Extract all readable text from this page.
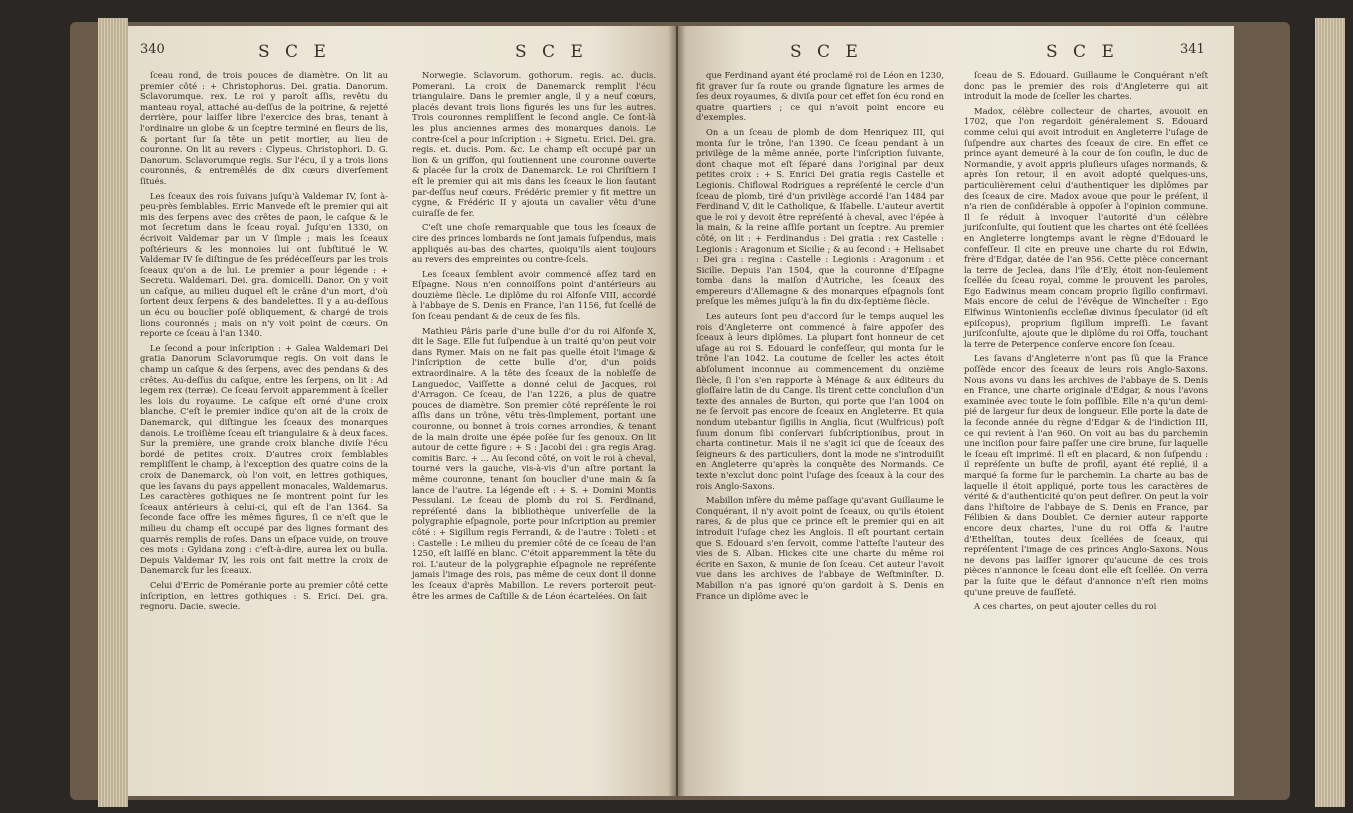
340	S C E	S C E	S C E	S C E	341

ſceau rond, de trois pouces de diamètre. On lit au premier côté : + Christophorus. Dei. gratia. Danorum. Sclavorumque. rex. Le roi y paroît aſſis, revêtu du manteau royal, attaché au-deſſus de la poitrine, & rejetté derrière, pour laiſſer libre l'exercice des bras, tenant à l'ordinaire un globe & un ſceptre terminé en fleurs de lis, & portant ſur ſa tête un petit mortier, au lieu de couronne. On lit au revers : Clypeus. Christophori. D. G. Danorum. Sclavorumque regis. Sur l'écu, il y a trois lions couronnés, & entremêlés de dix cœurs diverſement ſitués.

Les ſceaux des rois ſuivans juſqu'à Valdemar IV, ſont à-peu-près ſemblables. Erric Manvede eſt le premier qui ait mis des ſerpens avec des crêtes de paon, le caſque & le mot ſecretum dans le ſceau royal. Juſqu'en 1330, on écrivoit Valdemar par un V ſimple ; mais les ſceaux poſtérieurs & les monnoies lui ont ſubſtitué le W. Valdemar IV ſe diſtingue de ſes prédéceſſeurs par les trois ſceaux qu'on a de lui. Le premier a pour légende : + Secretu. Waldemari. Dei. gra. domicelli. Danor. On y voit un caſque, au milieu duquel eſt le crâne d'un mort, d'où ſortent deux ſerpens & des bandelettes. Il y a au-deſſous un écu ou bouclier poſé obliquement, & chargé de trois lions couronnés ; mais on n'y voit point de cœurs. On reporte ce ſceau à l'an 1340.

Le ſecond a pour inſcription : + Galea Waldemari Dei gratia Danorum Sclavorumque regis. On voit dans le champ un caſque & des ſerpens, avec des pendans & des crêtes. Au-deſſus du caſque, entre les ſerpens, on lit : Ad legem rex (terræ). Ce ſceau ſervoit apparemment à ſceller les lois du royaume. Le caſque eſt orné d'une croix blanche. C'eſt le premier indice qu'on ait de la croix de Danemarck, qui diſtingue les ſceaux des monarques danois. Le troiſième ſceau eſt triangulaire & à deux faces. Sur la première, une grande croix blanche diviſe l'écu bordé de petites croix. D'autres croix ſemblables rempliſſent le champ, à l'exception des quatre coins de la croix de Danemarck, où l'on voit, en lettres gothiques, que les ſavans du pays appellent monacales, Waldemarus. Les caractères gothiques ne ſe montrent point ſur les ſceaux antérieurs à celui-ci, qui eſt de l'an 1364. Sa ſeconde face offre les mêmes figures, ſi ce n'eſt que le milieu du champ eſt occupé par des lignes formant des quarrés remplis de roſes. Dans un eſpace vuide, on trouve ces mots : Gyldana zong : c'eſt-à-dire, aurea lex ou bulla. Depuis Valdemar IV, les rois ont fait mettre la croix de Danemarck ſur les ſceaux.

Celui d'Erric de Poméranie porte au premier côté cette inſcription, en lettres gothiques : S. Erici. Dei. gra. regnoru. Dacie. swecie.

Norwegie. Sclavorum. gothorum. regis. ac. ducis. Pomerani. La croix de Danemarck remplit l'écu triangulaire. Dans le premier angle, il y a neuf cœurs, placés devant trois lions figurés les uns ſur les autres. Trois couronnes rempliſſent le ſecond angle. Ce ſont-là les plus anciennes armes des monarques danois. Le contre-ſcel a pour inſcription : + Signetu. Erici. Dei. gra. regis. et. ducis. Pom. &c. Le champ eſt occupé par un lion & un griffon, qui ſoutiennent une couronne ouverte & placée ſur la croix de Danemarck. Le roi Chriſtiern I eſt le premier qui ait mis dans les ſceaux le lion ſautant par-deſſus neuf cœurs. Frédéric premier y fit mettre un cygne, & Frédéric II y ajouta un cavalier vêtu d'une cuiraſſe de fer.

C'eſt une choſe remarquable que tous les ſceaux de cire des princes lombards ne ſont jamais ſuſpendus, mais appliqués au-bas des chartes, quoiqu'ils aient toujours au revers des empreintes ou contre-ſcels.

Les ſceaux ſemblent avoir commencé aſſez tard en Eſpagne. Nous n'en connoiſſons point d'antérieurs au douzième ſiècle. Le diplôme du roi Alfonſe VIII, accordé à l'abbaye de S. Denis en France, l'an 1156, fut ſcellé de ſon ſceau pendant & de ceux de ſes fils.

Mathieu Pâris parle d'une bulle d'or du roi Alfonſe X, dit le Sage. Elle fut ſuſpendue à un traité qu'on peut voir dans Rymer. Mais on ne fait pas quelle étoit l'image & l'inſcription de cette bulle d'or, d'un poids extraordinaire. A la tête des ſceaux de la nobleſſe de Languedoc, Vaiſſette a donné celui de Jacques, roi d'Arragon. Ce ſceau, de l'an 1226, a plus de quatre pouces de diamètre. Son premier côté repréſente le roi aſſis dans un trône, vêtu très-ſimplement, portant une couronne, ou bonnet à trois cornes arrondies, & tenant de la main droite une épée poſée ſur ſes genoux. On lit autour de cette figure : + S : Jacobi dei : gra regis Arag. comitis Barc. + ... Au ſecond côté, on voit le roi à cheval, tourné vers la gauche, vis-à-vis d'un aſtre portant la même couronne, tenant ſon bouclier d'une main & ſa lance de l'autre. La légende eſt : + S. + Domini Montis Pessulani. Le ſceau de plomb du roi S. Ferdinand, repréſenté dans la bibliothèque univerſelle de la polygraphie eſpagnole, porte pour inſcription au premier côté : + Sigillum regis Ferrandi, & de l'autre : Toleti : et : Castelle : Le milieu du premier côté de ce ſceau de l'an 1250, eſt laiſſé en blanc. C'étoit apparemment la tête du roi. L'auteur de la polygraphie eſpagnole ne repréſente jamais l'image des rois, pas même de ceux dont il donne les ſceaux d'après Mabillon. Le revers porteroit peut-être les armes de Caſtille & de Léon écartelées. On ſait

que Ferdinand ayant été proclamé roi de Léon en 1230, fit graver ſur ſa route ou grande ſignature les armes de ſes deux royaumes, & diviſa pour cet effet ſon écu rond en quatre quartiers ; ce qui n'avoit point encore eu d'exemples.

On a un ſceau de plomb de dom Henriquez III, qui monta ſur le trône, l'an 1390. Ce ſceau pendant à un privilège de la même année, porte l'inſcription ſuivante, dont chaque mot eſt ſéparé dans l'original par deux petites croix : + S. Enrici Dei gratia regis Castelle et Legionis. Chiflowal Rodrigues a repréſenté le cercle d'un ſceau de plomb, tiré d'un privilège accordé l'an 1484 par Ferdinand V, dit le Catholique, & Iſabelle. L'auteur avertit que le roi y devoit être repréſenté à cheval, avec l'épée à la main, & la reine aſſiſe portant un ſceptre. Au premier côté, on lit : + Ferdinandus : Dei gratia : rex Castelle : Legionis : Aragonum et Sicilie ; & au ſecond : + Helisabet : Dei gra : regina : Castelle : Legionis : Aragonum : et Sicilie. Depuis l'an 1504, que la couronne d'Eſpagne tomba dans la maiſon d'Autriche, les ſceaux des empereurs d'Allemagne & des monarques eſpagnols ſont preſque les mêmes juſqu'à la fin du dix-ſeptième ſiècle.

Les auteurs ſont peu d'accord ſur le temps auquel les rois d'Angleterre ont commencé à faire appoſer des ſceaux à leurs diplômes. La plupart font honneur de cet uſage au roi S. Edouard le confeſſeur, qui monta ſur le trône l'an 1042. La coutume de ſceller les actes étoit abſolument inconnue au commencement du onzième ſiècle, ſi l'on s'en rapporte à Ménage & aux éditeurs du gloſſaire latin de du Cange. Ils tirent cette concluſion d'un texte des annales de Burton, qui porte que l'an 1004 on ne ſe ſervoit pas encore de ſceaux en Angleterre. Et quia nondum utebantur ſigillis in Anglia, ſicut (Wulfricus) poſt ſuum donum ſibi conſervari ſubſcriptionibus, prout in charta continetur. Mais il ne s'agit ici que de ſceaux des ſeigneurs & des particuliers, dont la mode ne s'introduiſit en Angleterre qu'après la conquête des Normands. Ce texte n'exclut donc point l'uſage des ſceaux à la cour des rois Anglo-Saxons.

Mabillon infère du même paſſage qu'avant Guillaume le Conquérant, il n'y avoit point de ſceaux, ou qu'ils étoient rares, & de plus que ce prince eſt le premier qui en ait introduit l'uſage chez les Anglois. Il eſt pourtant certain que S. Edouard s'en ſervoit, comme l'atteſte l'auteur des vies de S. Alban. Hickes cite une charte du même roi écrite en Saxon, & munie de ſon ſceau. Cet auteur l'avoit vue dans les archives de l'abbaye de Weſtminſter. D. Mabillon n'a pas ignoré qu'on gardoit à S. Denis en France un diplôme avec le

ſceau de S. Edouard. Guillaume le Conquérant n'eſt donc pas le premier des rois d'Angleterre qui ait introduit la mode de ſceller les chartes.

Madox, célèbre collecteur de chartes, avouoit en 1702, que l'on regardoit généralement S. Edouard comme celui qui avoit introduit en Angleterre l'uſage de ſuſpendre aux chartes des ſceaux de cire. En effet ce prince ayant demeuré à la cour de ſon couſin, le duc de Normandie, y avoit appris pluſieurs uſages normands, & après ſon retour, il en avoit adopté quelques-uns, particulièrement celui d'authentiquer les diplômes par des ſceaux de cire. Madox avoue que pour le préſent, il n'a rien de conſidérable à oppoſer à l'opinion commune. Il ſe réduit à invoquer l'autorité d'un célèbre juriſconſulte, qui ſoutient que les chartes ont été ſcellées en Angleterre longtemps avant le règne d'Edouard le confeſſeur. Il cite en preuve une charte du roi Edwin, frère d'Edgar, datée de l'an 956. Cette pièce concernant la terre de Jeclea, dans l'île d'Ely, étoit non-ſeulement ſcellée du ſceau royal, comme le prouvent les paroles, Ego Eadwinus meam concam proprio ſigillo confirmavi. Mais encore de celui de l'évêque de Wincheſter : Ego Elfwinus Wintonienſis eccleſiæ divinus ſpeculator (id eſt epiſcopus), proprium ſigillum impreſſi. Le ſavant juriſconſulte, ajoute que le diplôme du roi Offa, touchant la terre de Peterpence conſerve encore ſon ſceau.

Les ſavans d'Angleterre n'ont pas ſû que la France poſſède encor des ſceaux de leurs rois Anglo-Saxons. Nous avons vu dans les archives de l'abbaye de S. Denis en France, une charte originale d'Edgar, & nous l'avons examinée avec toute le ſoin poſſible. Elle n'a qu'un demi-pié de largeur ſur deux de longueur. Elle porte la date de la ſeconde année du règne d'Edgar & de l'indiction III, ce qui revient à l'an 960. On voit au bas du parchemin une inciſion pour faire paſſer une cire brune, ſur laquelle le ſceau eſt imprimé. Il eſt en placard, & non ſuſpendu : il repréſente un buſte de profil, ayant été replié, il a marqué ſa forme ſur le parchemin. La charte au bas de laquelle il étoit appliqué, porte tous les caractères de vérité & d'authenticité qu'on peut deſirer. On peut la voir dans l'hiſtoire de l'abbaye de S. Denis en France, par Félibien & dans Doublet. Ce dernier auteur rapporte encore deux chartes, l'une du roi Offa & l'autre d'Ethelſtan, toutes deux ſcellées de ſceaux, qui repréſentent l'image de ces princes Anglo-Saxons. Nous ne devons pas laiſſer ignorer qu'aucune de ces trois pièces n'annonce le ſceau dont elle eſt ſcellée. On verra par la ſuite que le défaut d'annonce n'eſt rien moins qu'une preuve de fauſſeté.

A ces chartes, on peut ajouter celles du roi
